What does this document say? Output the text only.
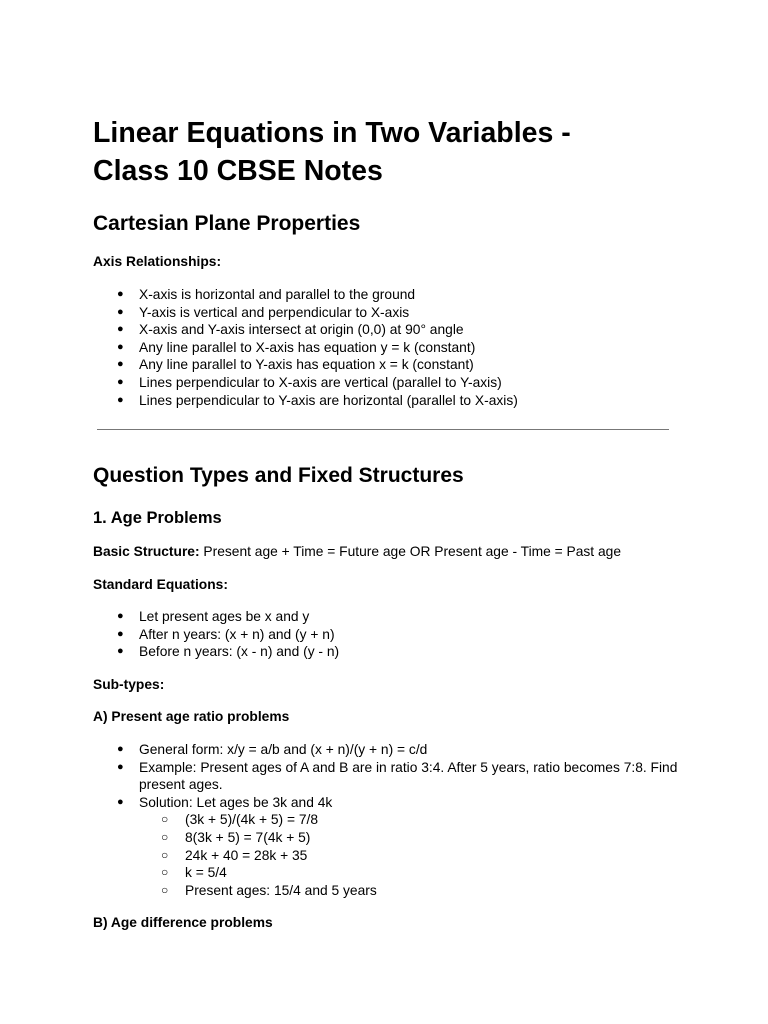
Linear Equations in Two Variables -
Class 10 CBSE Notes
Cartesian Plane Properties

Axis Relationships:

● X-axis is horizontal and parallel to the ground
● Y-axis is vertical and perpendicular to X-axis
● X-axis and Y-axis intersect at origin (0,0) at 90° angle
● Any line parallel to X-axis has equation y = k (constant)
● Any line parallel to Y-axis has equation x = k (constant)
● Lines perpendicular to X-axis are vertical (parallel to Y-axis)
● Lines perpendicular to Y-axis are horizontal (parallel to X-axis)
Question Types and Fixed Structures
1. Age Problems

Basic Structure: Present age + Time = Future age OR Present age - Time = Past age

Standard Equations:

● Let present ages be x and y
● After n years: (x + n) and (y + n)
● Before n years: (x - n) and (y - n)

Sub-types:

A) Present age ratio problems

● General form: x/y = a/b and (x + n)/(y + n) = c/d
● Example: Present ages of A and B are in ratio 3:4. After 5 years, ratio becomes 7:8. Find present ages.
● Solution: Let ages be 3k and 4k
○ (3k + 5)/(4k + 5) = 7/8
○ 8(3k + 5) = 7(4k + 5)
○ 24k + 40 = 28k + 35
○ k = 5/4
○ Present ages: 15/4 and 5 years

B) Age difference problems
